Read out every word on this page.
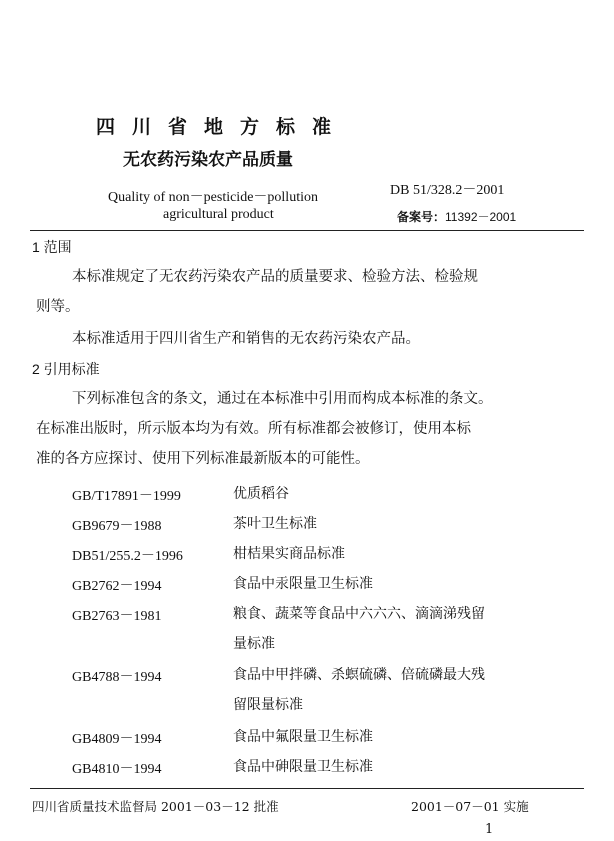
四川省地方标准
无农药污染农产品质量
Quality of non－pesticide－pollution
agricultural product
DB 51/328.2－2001
备案号：11392－2001
1 范围
本标准规定了无农药污染农产品的质量要求、检验方法、检验规
则等。
本标准适用于四川省生产和销售的无农药污染农产品。
2 引用标准
下列标准包含的条文，通过在本标准中引用而构成本标准的条文。
在标准出版时，所示版本均为有效。所有标准都会被修订，使用本标
准的各方应探讨、使用下列标准最新版本的可能性。
GB/T17891－1999	优质稻谷
GB9679－1988	茶叶卫生标准
DB51/255.2－1996	柑桔果实商品标准
GB2762－1994	食品中汞限量卫生标准
GB2763－1981	粮食、蔬菜等食品中六六六、滴滴涕残留
量标准
GB4788－1994	食品中甲拌磷、杀螟硫磷、倍硫磷最大残
留限量标准
GB4809－1994	食品中氟限量卫生标准
GB4810－1994	食品中砷限量卫生标准
四川省质量技术监督局 2001－03－12 批准	2001－07－01 实施
1
